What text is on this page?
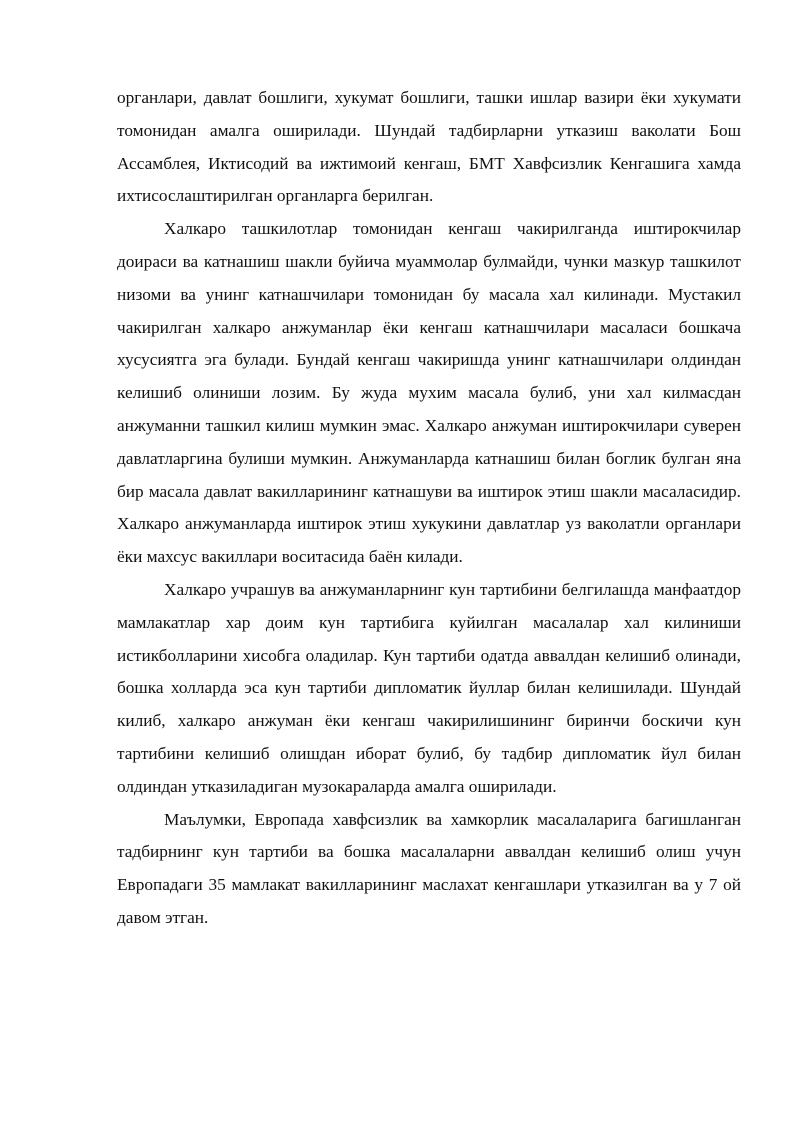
органлари, давлат бошлиги, хукумат бошлиги, ташки ишлар вазири ёки хукумати томонидан амалга оширилади. Шундай тадбирларни утказиш ваколати Бош Ассамблея, Иктисодий ва ижтимоий кенгаш, БМТ Хавфсизлик Кенгашига хамда ихтисослаштирилган органларга берилган.

Халкаро ташкилотлар томонидан кенгаш чакирилганда иштирокчилар доираси ва катнашиш шакли буйича муаммолар булмайди, чунки мазкур ташкилот низоми ва унинг катнашчилари томонидан бу масала хал килинади. Мустакил чакирилган халкаро анжуманлар ёки кенгаш катнашчилари масаласи бошкача хусусиятга эга булади. Бундай кенгаш чакиришда унинг катнашчилари олдиндан келишиб олиниши лозим. Бу жуда мухим масала булиб, уни хал килмасдан анжуманни ташкил килиш мумкин эмас. Халкаро анжуман иштирокчилари суверен давлатларгина булиши мумкин. Анжуманларда катнашиш билан боглик булган яна бир масала давлат вакилларининг катнашуви ва иштирок этиш шакли масаласидир. Халкаро анжуманларда иштирок этиш хукукини давлатлар уз ваколатли органлари ёки махсус вакиллари воситасида баён килади.

Халкаро учрашув ва анжуманларнинг кун тартибини белгилашда манфаатдор мамлакатлар хар доим кун тартибига куйилган масалалар хал килиниши истикболларини хисобга оладилар. Кун тартиби одатда аввалдан келишиб олинади, бошка холларда эса кун тартиби дипломатик йуллар билан келишилади. Шундай килиб, халкаро анжуман ёки кенгаш чакирилишининг биринчи боскичи кун тартибини келишиб олишдан иборат булиб, бу тадбир дипломатик йул билан олдиндан утказиладиган музокараларда амалга оширилади.

Маълумки, Европада хавфсизлик ва хамкорлик масалаларига багишланган тадбирнинг кун тартиби ва бошка масалаларни аввалдан келишиб олиш учун Европадаги 35 мамлакат вакилларининг маслахат кенгашлари утказилган ва у 7 ой давом этган.
